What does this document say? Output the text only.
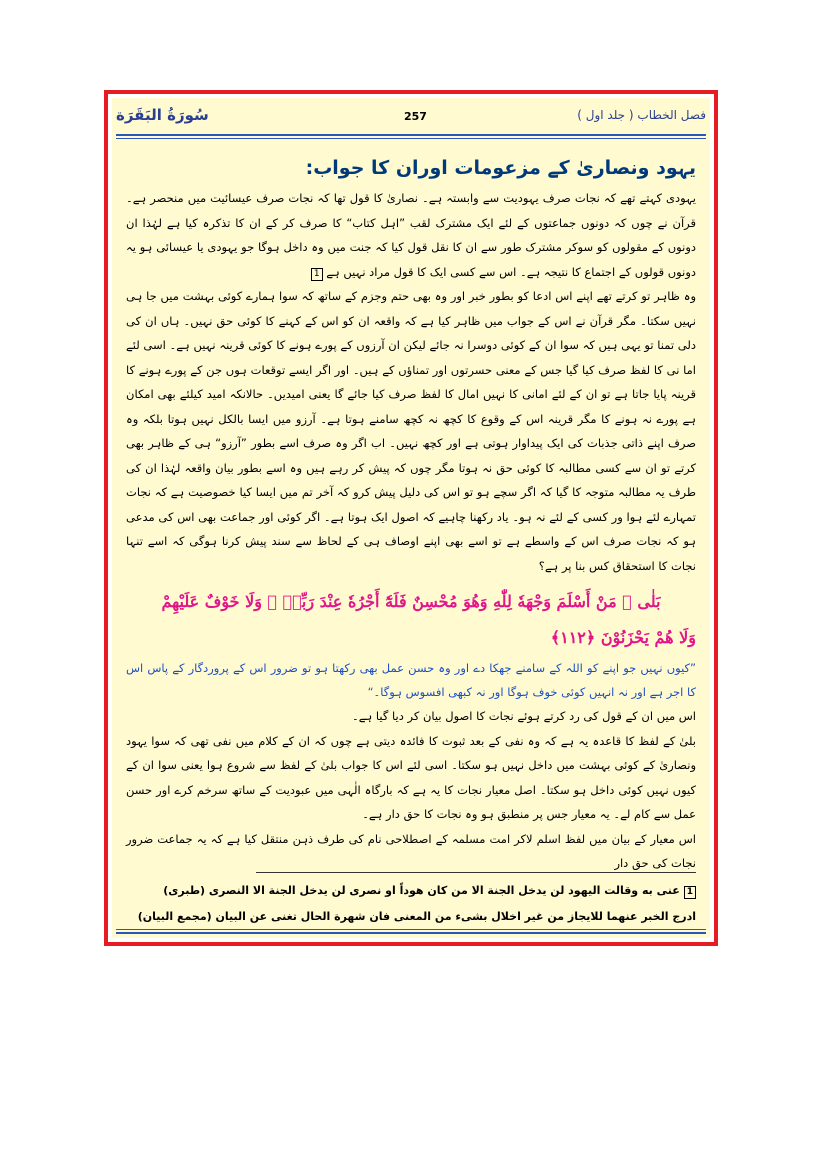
سُورَةُ البَقَرَة	257	فصل الخطاب ( جلد اول )

یہود ونصاریٰ کے مزعومات اوران کا جواب:

یہودی کہتے تھے کہ نجات صرف یہودیت سے وابستہ ہے۔ نصاریٰ کا قول تھا کہ نجات صرف عیسائیت میں منحصر ہے۔ قرآن نے چوں کہ دونوں جماعتوں کے لئے ایک مشترک لقب ”اہل کتاب“ کا صرف کر کے ان کا تذکرہ کیا ہے لہٰذا ان دونوں کے مقولوں کو سوکر مشترک طور سے ان کا نقل قول کیا کہ جنت میں وہ داخل ہوگا جو یہودی یا عیسائی ہو یہ دونوں قولوں کے اجتماع کا نتیجہ ہے۔ اس سے کسی ایک کا قول مراد نہیں ہے 1

وہ ظاہر تو کرتے تھے اپنے اس ادعا کو بطور خبر اور وہ بھی حتم وجزم کے ساتھ کہ سوا ہمارے کوئی بہشت میں جا ہی نہیں سکتا۔ مگر قرآن نے اس کے جواب میں ظاہر کیا ہے کہ واقعہ ان کو اس کے کہنے کا کوئی حق نہیں۔ ہاں ان کی دلی تمنا تو یہی ہیں کہ سوا ان کے کوئی دوسرا نہ جائے لیکن ان آرزوں کے پورے ہونے کا کوئی قرینہ نہیں ہے۔ اسی لئے اما نی کا لفظ صرف کیا گیا جس کے معنی حسرتوں اور تمناؤں کے ہیں۔ اور اگر ایسے توقعات ہوں جن کے پورے ہونے کا قرینہ پایا جاتا ہے تو ان کے لئے امانی کا نہیں امال کا لفظ صرف کیا جائے گا یعنی امیدیں۔ حالانکہ امید کیلئے بھی امکان ہے پورے نہ ہونے کا مگر قرینہ اس کے وقوع کا کچھ نہ کچھ سامنے ہوتا ہے۔ آرزو میں ایسا بالکل نہیں ہوتا بلکہ وہ صرف اپنے ذاتی جذبات کی ایک پیداوار ہوتی ہے اور کچھ نہیں۔ اب اگر وہ صرف اسے بطور ”آرزو“ ہی کے ظاہر بھی کرتے تو ان سے کسی مطالبہ کا کوئی حق نہ ہوتا مگر چوں کہ پیش کر رہے ہیں وہ اسے بطور بیان واقعہ لہٰذا ان کی طرف یہ مطالبہ متوجہ کا گیا کہ اگر سچے ہو تو اس کی دلیل پیش کرو کہ آخر تم میں ایسا کیا خصوصیت ہے کہ نجات تمہارے لئے ہوا ور کسی کے لئے نہ ہو۔ یاد رکھنا چاہیے کہ اصول ایک ہوتا ہے۔ اگر کوئی اور جماعت بھی اس کی مدعی ہو کہ نجات صرف اس کے واسطے ہے تو اسے بھی اپنے اوصاف ہی کے لحاظ سے سند پیش کرنا ہوگی کہ اسے تنہا نجات کا استحقاق کس بنا پر ہے؟

بَلٰى ۚ مَنْ أَسْلَمَ وَجْهَهٗ لِلّٰهِ وَهُوَ مُحْسِنٌ فَلَهٗٓ أَجْرُهٗ عِنْدَ رَبِّهٖ ۪ وَلَا خَوْفٌ عَلَيْهِمْ

وَلَا هُمْ يَحْزَنُوْنَ ﴿١١٢﴾

”کیوں نہیں جو اپنے کو اللہ کے سامنے جھکا دے اور وہ حسن عمل بھی رکھتا ہو تو ضرور اس کے پروردگار کے پاس اس کا اجر ہے اور نہ انہیں کوئی خوف ہوگا اور نہ کبھی افسوس ہوگا۔“

اس میں ان کے قول کی رد کرتے ہوئے نجات کا اصول بیان کر دیا گیا ہے۔

بلیٰ کے لفظ کا قاعدہ یہ ہے کہ وہ نفی کے بعد ثبوت کا فائدہ دیتی ہے چوں کہ ان کے کلام میں نفی تھی کہ سوا یہود ونصاریٰ کے کوئی بہشت میں داخل نہیں ہو سکتا۔ اسی لئے اس کا جواب بلیٰ کے لفظ سے شروع ہوا یعنی سوا ان کے کیوں نہیں کوئی داخل ہو سکتا۔ اصل معیار نجات کا یہ ہے کہ بارگاہ الٰہی میں عبودیت کے ساتھ سرخم کرے اور حسن عمل سے کام لے۔ یہ معیار جس پر منطبق ہو وہ نجات کا حق دار ہے۔

اس معیار کے بیان میں لفظ اسلم لاکر امت مسلمہ کے اصطلاحی نام کی طرف ذہن منتقل کیا ہے کہ یہ جماعت ضرور نجات کی حق دار

1عنی به وقالت الیهود لن یدخل الجنة الا من کان هوداً او نصری لن یدخل الجنة الا النصری (طبری)

ادرج الخبر عنهما للایجاز من غیر اخلال بشیء من المعنی فان شهرة الحال تغنی عن البیان (مجمع البیان)
